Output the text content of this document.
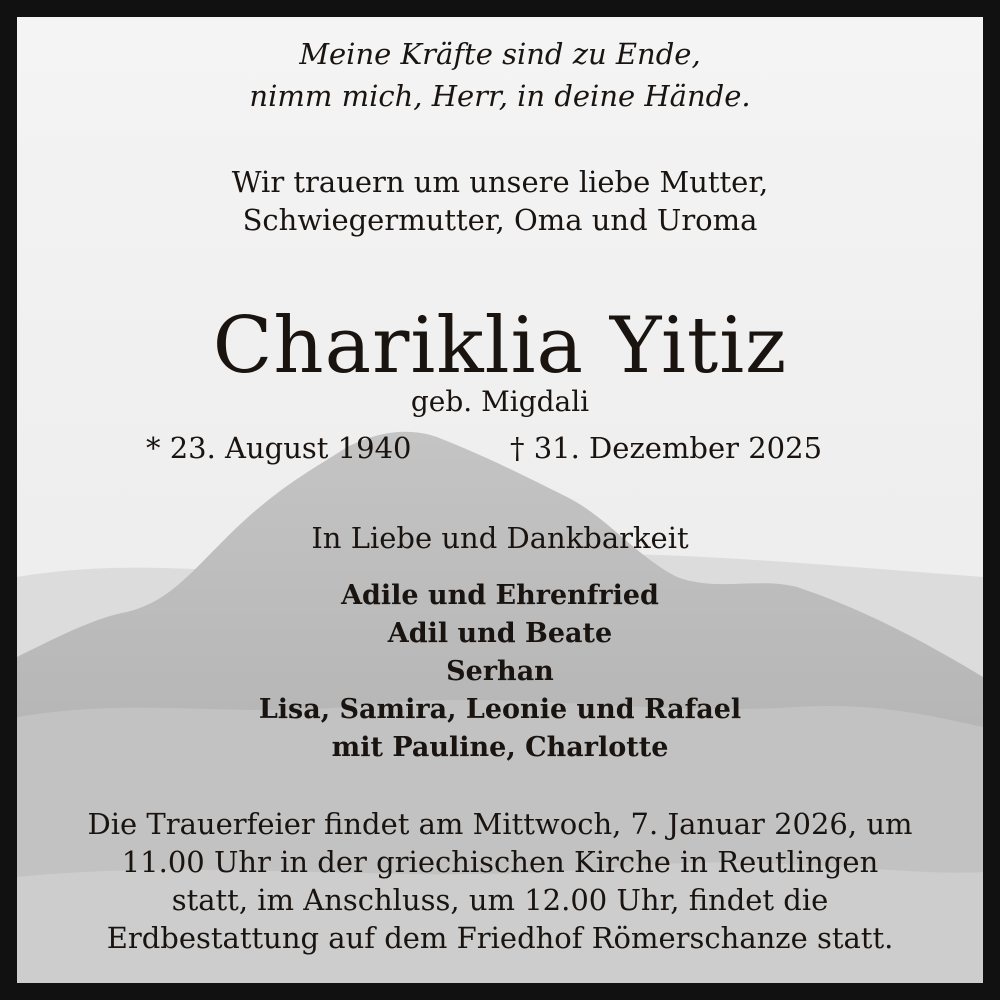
Meine Kräfte sind zu Ende,
nimm mich, Herr, in deine Hände.
Wir trauern um unsere liebe Mutter,
Schwiegermutter, Oma und Uroma
Chariklia Yitiz
geb. Migdali
* 23. August 1940	† 31. Dezember 2025
In Liebe und Dankbarkeit
Adile und Ehrenfried
Adil und Beate
Serhan
Lisa, Samira, Leonie und Rafael
mit Pauline, Charlotte
Die Trauerfeier findet am Mittwoch, 7. Januar 2026, um
11.00 Uhr in der griechischen Kirche in Reutlingen
statt, im Anschluss, um 12.00 Uhr, findet die
Erdbestattung auf dem Friedhof Römerschanze statt.
